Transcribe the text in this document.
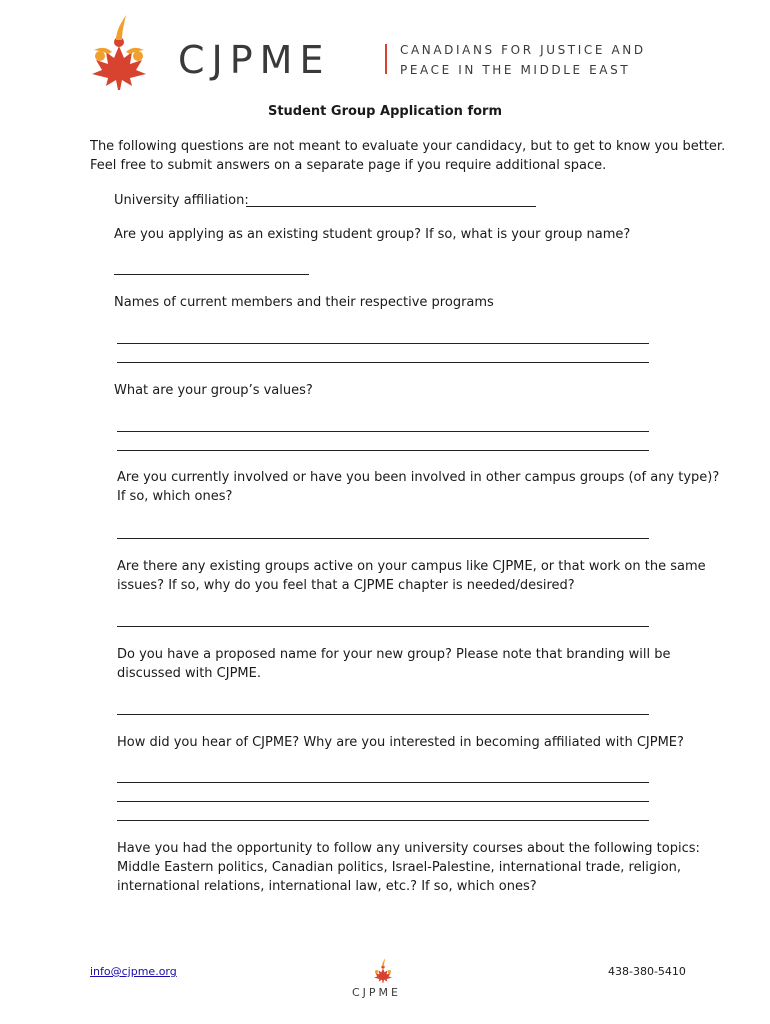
CJPME	CANADIANS FOR JUSTICE AND
PEACE IN THE MIDDLE EAST
Student Group Application form
The following questions are not meant to evaluate your candidacy, but to get to know you better.
Feel free to submit answers on a separate page if you require additional space.
University affiliation:
Are you applying as an existing student group? If so, what is your group name?
Names of current members and their respective programs
What are your group’s values?
Are you currently involved or have you been involved in other campus groups (of any type)?
If so, which ones?
Are there any existing groups active on your campus like CJPME, or that work on the same
issues? If so, why do you feel that a CJPME chapter is needed/desired?
Do you have a proposed name for your new group? Please note that branding will be
discussed with CJPME.
How did you hear of CJPME? Why are you interested in becoming affiliated with CJPME?
Have you had the opportunity to follow any university courses about the following topics:
Middle Eastern politics, Canadian politics, Israel-Palestine, international trade, religion,
international relations, international law, etc.? If so, which ones?
info@cjpme.org
CJPME
438-380-5410
